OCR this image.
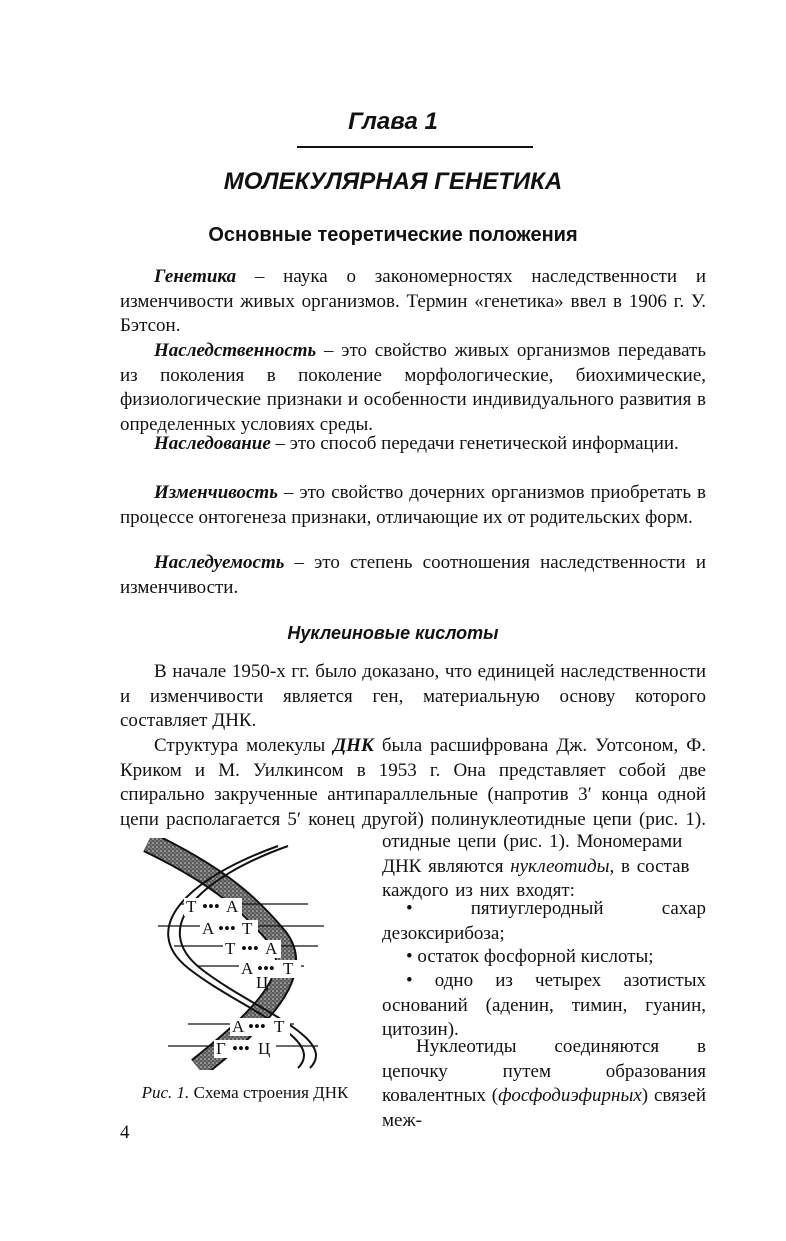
Глава 1
МОЛЕКУЛЯРНАЯ ГЕНЕТИКА
Основные теоретические положения
Генетика – наука о закономерностях наследственности и изменчивости живых организмов. Термин «генетика» ввел в 1906 г. У. Бэтсон.
Наследственность – это свойство живых организмов передавать из поколения в поколение морфологические, биохимические, физиологические признаки и особенности индивидуального развития в определенных условиях среды.
Наследование – это способ передачи генетической информации.
Изменчивость – это свойство дочерних организмов приобретать в процессе онтогенеза признаки, отличающие их от родительских форм.
Наследуемость – это степень соотношения наследственности и изменчивости.
Нуклеиновые кислоты
В начале 1950-х гг. было доказано, что единицей наследственности и изменчивости является ген, материальную основу которого составляет ДНК.
Структура молекулы ДНК была расшифрована Дж. Уотсоном, Ф. Криком и М. Уилкинсом в 1953 г. Она представляет собой две спирально закрученные антипараллельные (напротив 3′ конца одной цепи располагается 5′ конец другой) полинуклеотидные цепи (рис. 1).
отидные цепи (рис. 1). Мономерами
ДНК являются нуклеотиды, в состав
каждого из них входят:
• пятиуглеродный сахар дезоксирибоза;
• остаток фосфорной кислоты;
• одно из четырех азотистых оснований (аденин, тимин, гуанин, цитозин).
Нуклеотиды соединяются в цепочку путем образования ковалентных (фосфодиэфирных) связей меж-
Т ••• А
А ••• Т
Т ••• А
А ••• Т
Ц
А ••• Т
Г ••• Ц
Рис. 1. Схема строения ДНК
4
